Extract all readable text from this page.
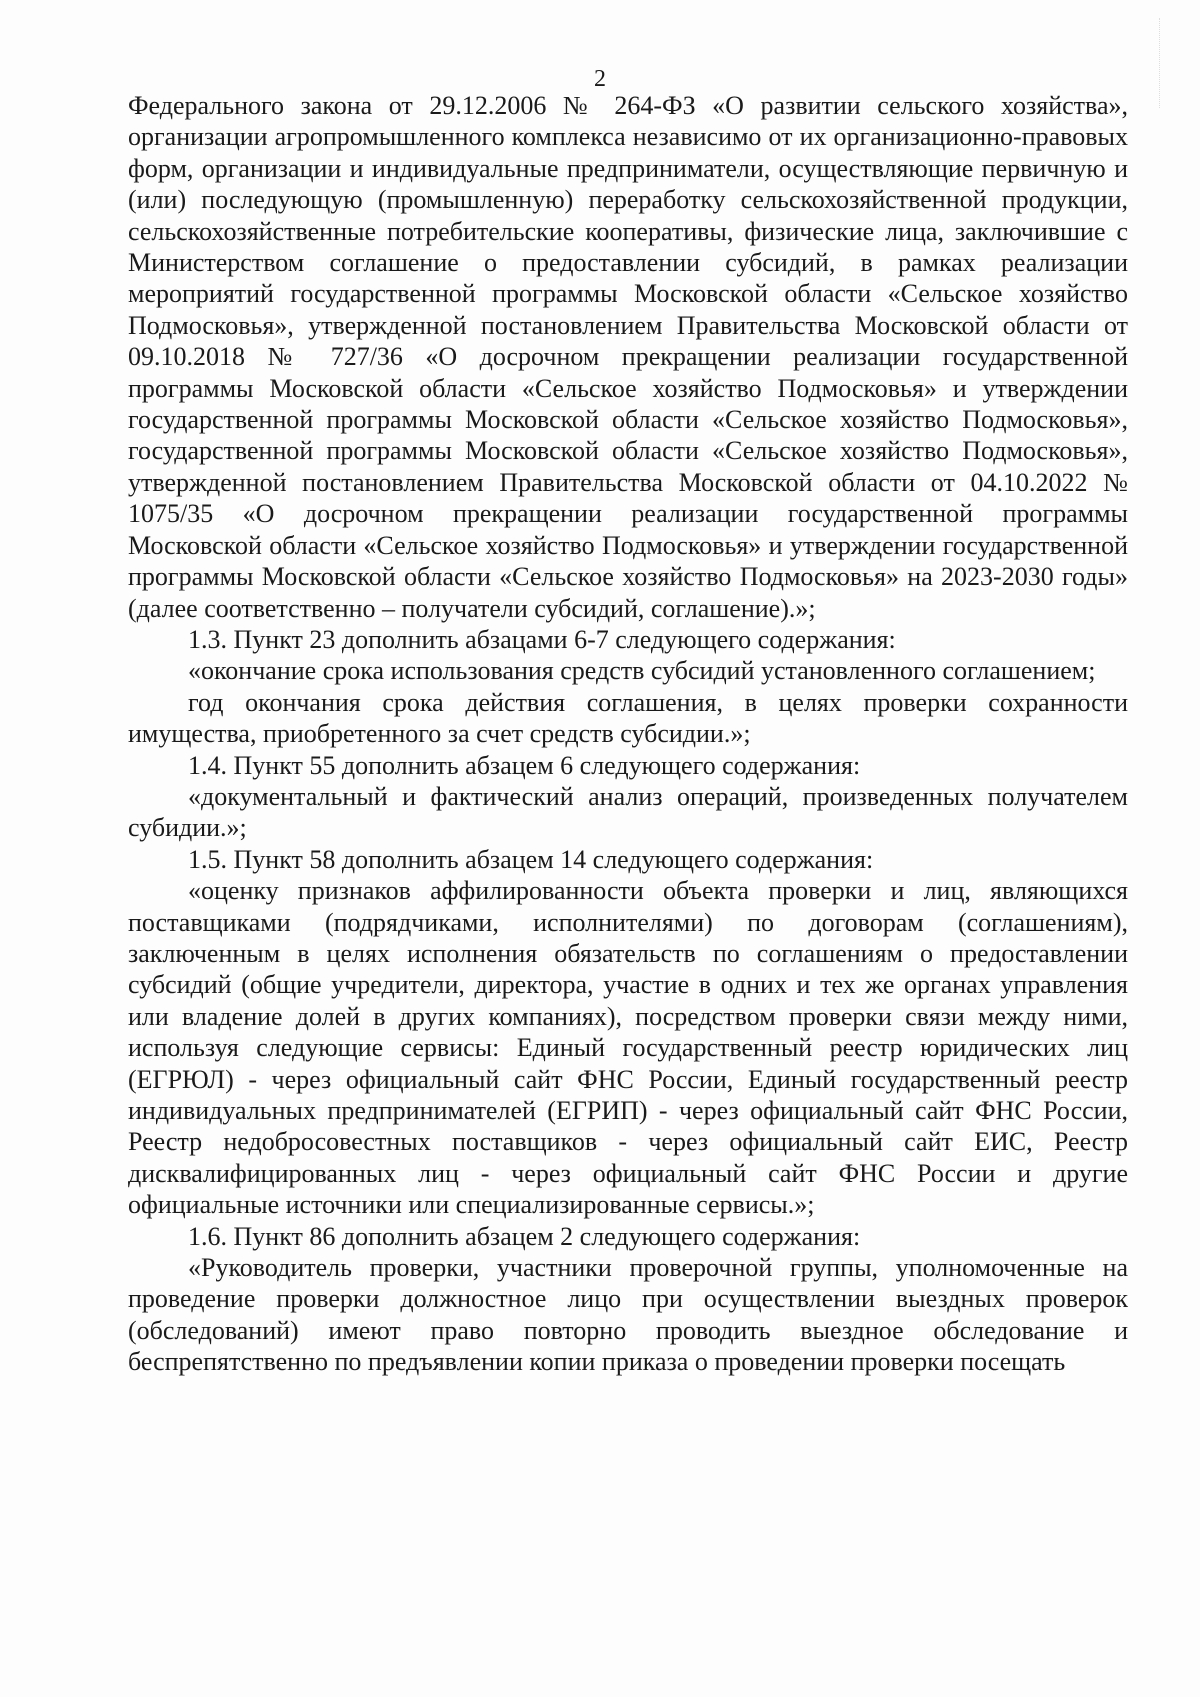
2

Федерального закона от 29.12.2006 № 264-ФЗ «О развитии сельского хозяйства», организации агропромышленного комплекса независимо от их организационно-правовых форм, организации и индивидуальные предприниматели, осуществляющие первичную и (или) последующую (промышленную) переработку сельскохозяйственной продукции, сельскохозяйственные потребительские кооперативы, физические лица, заключившие с Министерством соглашение о предоставлении субсидий, в рамках реализации мероприятий государственной программы Московской области «Сельское хозяйство Подмосковья», утвержденной постановлением Правительства Московской области от 09.10.2018 № 727/36 «О досрочном прекращении реализации государственной программы Московской области «Сельское хозяйство Подмосковья» и утверждении государственной программы Московской области «Сельское хозяйство Подмосковья», государственной программы Московской области «Сельское хозяйство Подмосковья», утвержденной постановлением Правительства Московской области от 04.10.2022 № 1075/35 «О досрочном прекращении реализации государственной программы Московской области «Сельское хозяйство Подмосковья» и утверждении государственной программы Московской области «Сельское хозяйство Подмосковья» на 2023-2030 годы» (далее соответственно – получатели субсидий, соглашение).»;

1.3. Пункт 23 дополнить абзацами 6-7 следующего содержания:

«окончание срока использования средств субсидий установленного соглашением;

год окончания срока действия соглашения, в целях проверки сохранности имущества, приобретенного за счет средств субсидии.»;

1.4. Пункт 55 дополнить абзацем 6 следующего содержания:

«документальный и фактический анализ операций, произведенных получателем субидии.»;

1.5. Пункт 58 дополнить абзацем 14 следующего содержания:

«оценку признаков аффилированности объекта проверки и лиц, являющихся поставщиками (подрядчиками, исполнителями) по договорам (соглашениям), заключенным в целях исполнения обязательств по соглашениям о предоставлении субсидий (общие учредители, директора, участие в одних и тех же органах управления или владение долей в других компаниях), посредством проверки связи между ними, используя следующие сервисы: Единый государственный реестр юридических лиц (ЕГРЮЛ) - через официальный сайт ФНС России, Единый государственный реестр индивидуальных предпринимателей (ЕГРИП) - через официальный сайт ФНС России, Реестр недобросовестных поставщиков - через официальный сайт ЕИС, Реестр дисквалифицированных лиц - через официальный сайт ФНС России и другие официальные источники или специализированные сервисы.»;

1.6. Пункт 86 дополнить абзацем 2 следующего содержания:

«Руководитель проверки, участники проверочной группы, уполномоченные на проведение проверки должностное лицо при осуществлении выездных проверок (обследований) имеют право повторно проводить выездное обследование и беспрепятственно по предъявлении копии приказа о проведении проверки посещать
